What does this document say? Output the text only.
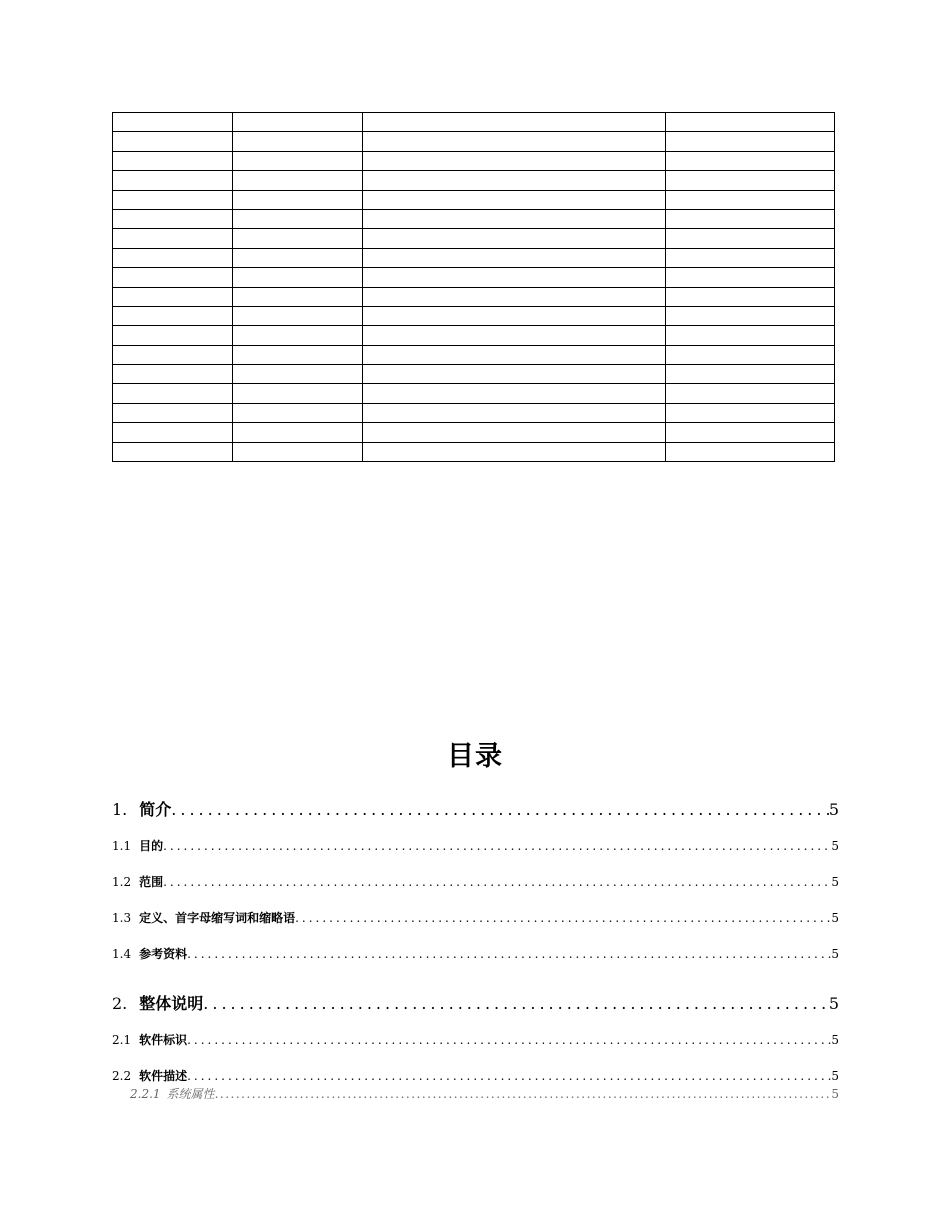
目录
1. 简介 .....	5
1.1 目的 .....	5
1.2 范围 .....	5
1.3 定义、首字母缩写词和缩略语 .....	5
1.4 参考资料 .....	5
2. 整体说明 .....	5
2.1 软件标识 .....	5
2.2 软件描述 .....	5
2.2.1 系统属性 .....	5
